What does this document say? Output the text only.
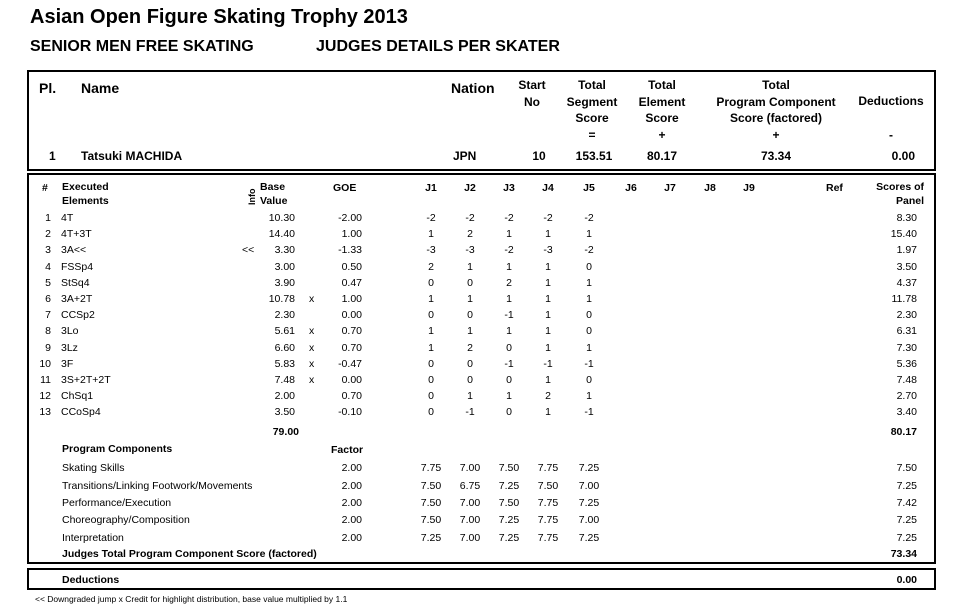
Asian Open Figure Skating Trophy 2013
SENIOR MEN FREE SKATING	JUDGES DETAILS PER SKATER
Pl. Name	Nation	Start
No
Total
Segment
Score
=
Total
Element
Score
+
Total
Program Component
Score (factored)
+
Deductions
-
1 Tatsuki MACHIDA	JPN	10	153.51	80.17	73.34	0.00
# Executed
Elements	Info
Base
Value
GOE	J1	J2	J3	J4	J5	J6	J7	J8	J9	Ref	Scores of
Panel
1 4T	10.30	-2.00	-2	-2	-2	-2	-2	8.30
2 4T+3T	14.40	1.00	1	2	1	1	1	15.40
3 3A<<	<<	3.30	-1.33	-3	-3	-2	-3	-2	1.97
4 FSSp4	3.00	0.50	2	1	1	1	0	3.50
5 StSq4	3.90	0.47	0	0	2	1	1	4.37
6 3A+2T	10.78 x	1.00	1	1	1	1	1	11.78
7 CCSp2	2.30	0.00	0	0	-1	1	0	2.30
8 3Lo	5.61 x	0.70	1	1	1	1	0	6.31
9 3Lz	6.60 x	0.70	1	2	0	1	1	7.30
10 3F	5.83 x	-0.47	0	0	-1	-1	-1	5.36
11 3S+2T+2T	7.48 x	0.00	0	0	0	1	0	7.48
12 ChSq1	2.00	0.70	0	1	1	2	1	2.70
13 CCoSp4	3.50	-0.10	0	-1	0	1	-1	3.40
79.00	80.17
Program Components	Factor
Skating Skills	2.00	7.75	7.00	7.50	7.75	7.25	7.50
Transitions/Linking Footwork/Movements	2.00	7.50	6.75	7.25	7.50	7.00	7.25
Performance/Execution	2.00	7.50	7.00	7.50	7.75	7.25	7.42
Choreography/Composition	2.00	7.50	7.00	7.25	7.75	7.00	7.25
Interpretation	2.00	7.25	7.00	7.25	7.75	7.25	7.25
Judges Total Program Component Score (factored)	73.34
Deductions	0.00
<< Downgraded jump x Credit for highlight distribution, base value multiplied by 1.1
